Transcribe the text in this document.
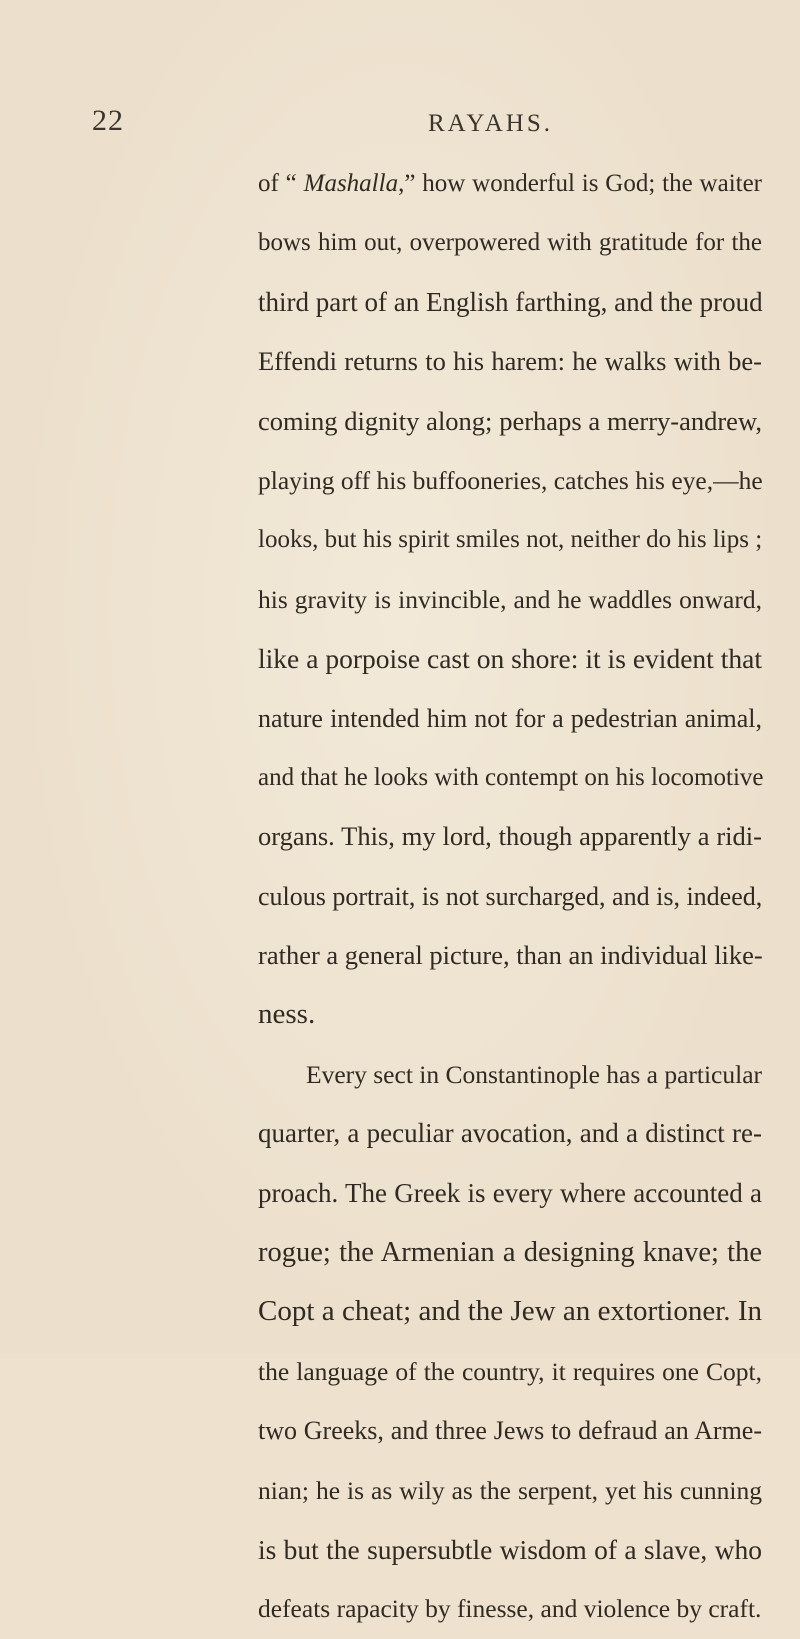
22	RAYAHS.
of “ Mashalla,” how wonderful is God; the waiter
bows him out, overpowered with gratitude for the
third part of an English farthing, and the proud
Effendi returns to his harem: he walks with be-
coming dignity along; perhaps a merry-andrew,
playing off his buffooneries, catches his eye,—he
looks, but his spirit smiles not, neither do his lips ;
his gravity is invincible, and he waddles onward,
like a porpoise cast on shore: it is evident that
nature intended him not for a pedestrian animal,
and that he looks with contempt on his locomotive
organs. This, my lord, though apparently a ridi-
culous portrait, is not surcharged, and is, indeed,
rather a general picture, than an individual like-
ness.
Every sect in Constantinople has a particular
quarter, a peculiar avocation, and a distinct re-
proach. The Greek is every where accounted a
rogue; the Armenian a designing knave; the
Copt a cheat; and the Jew an extortioner. In
the language of the country, it requires one Copt,
two Greeks, and three Jews to defraud an Arme-
nian; he is as wily as the serpent, yet his cunning
is but the supersubtle wisdom of a slave, who
defeats rapacity by finesse, and violence by craft.
